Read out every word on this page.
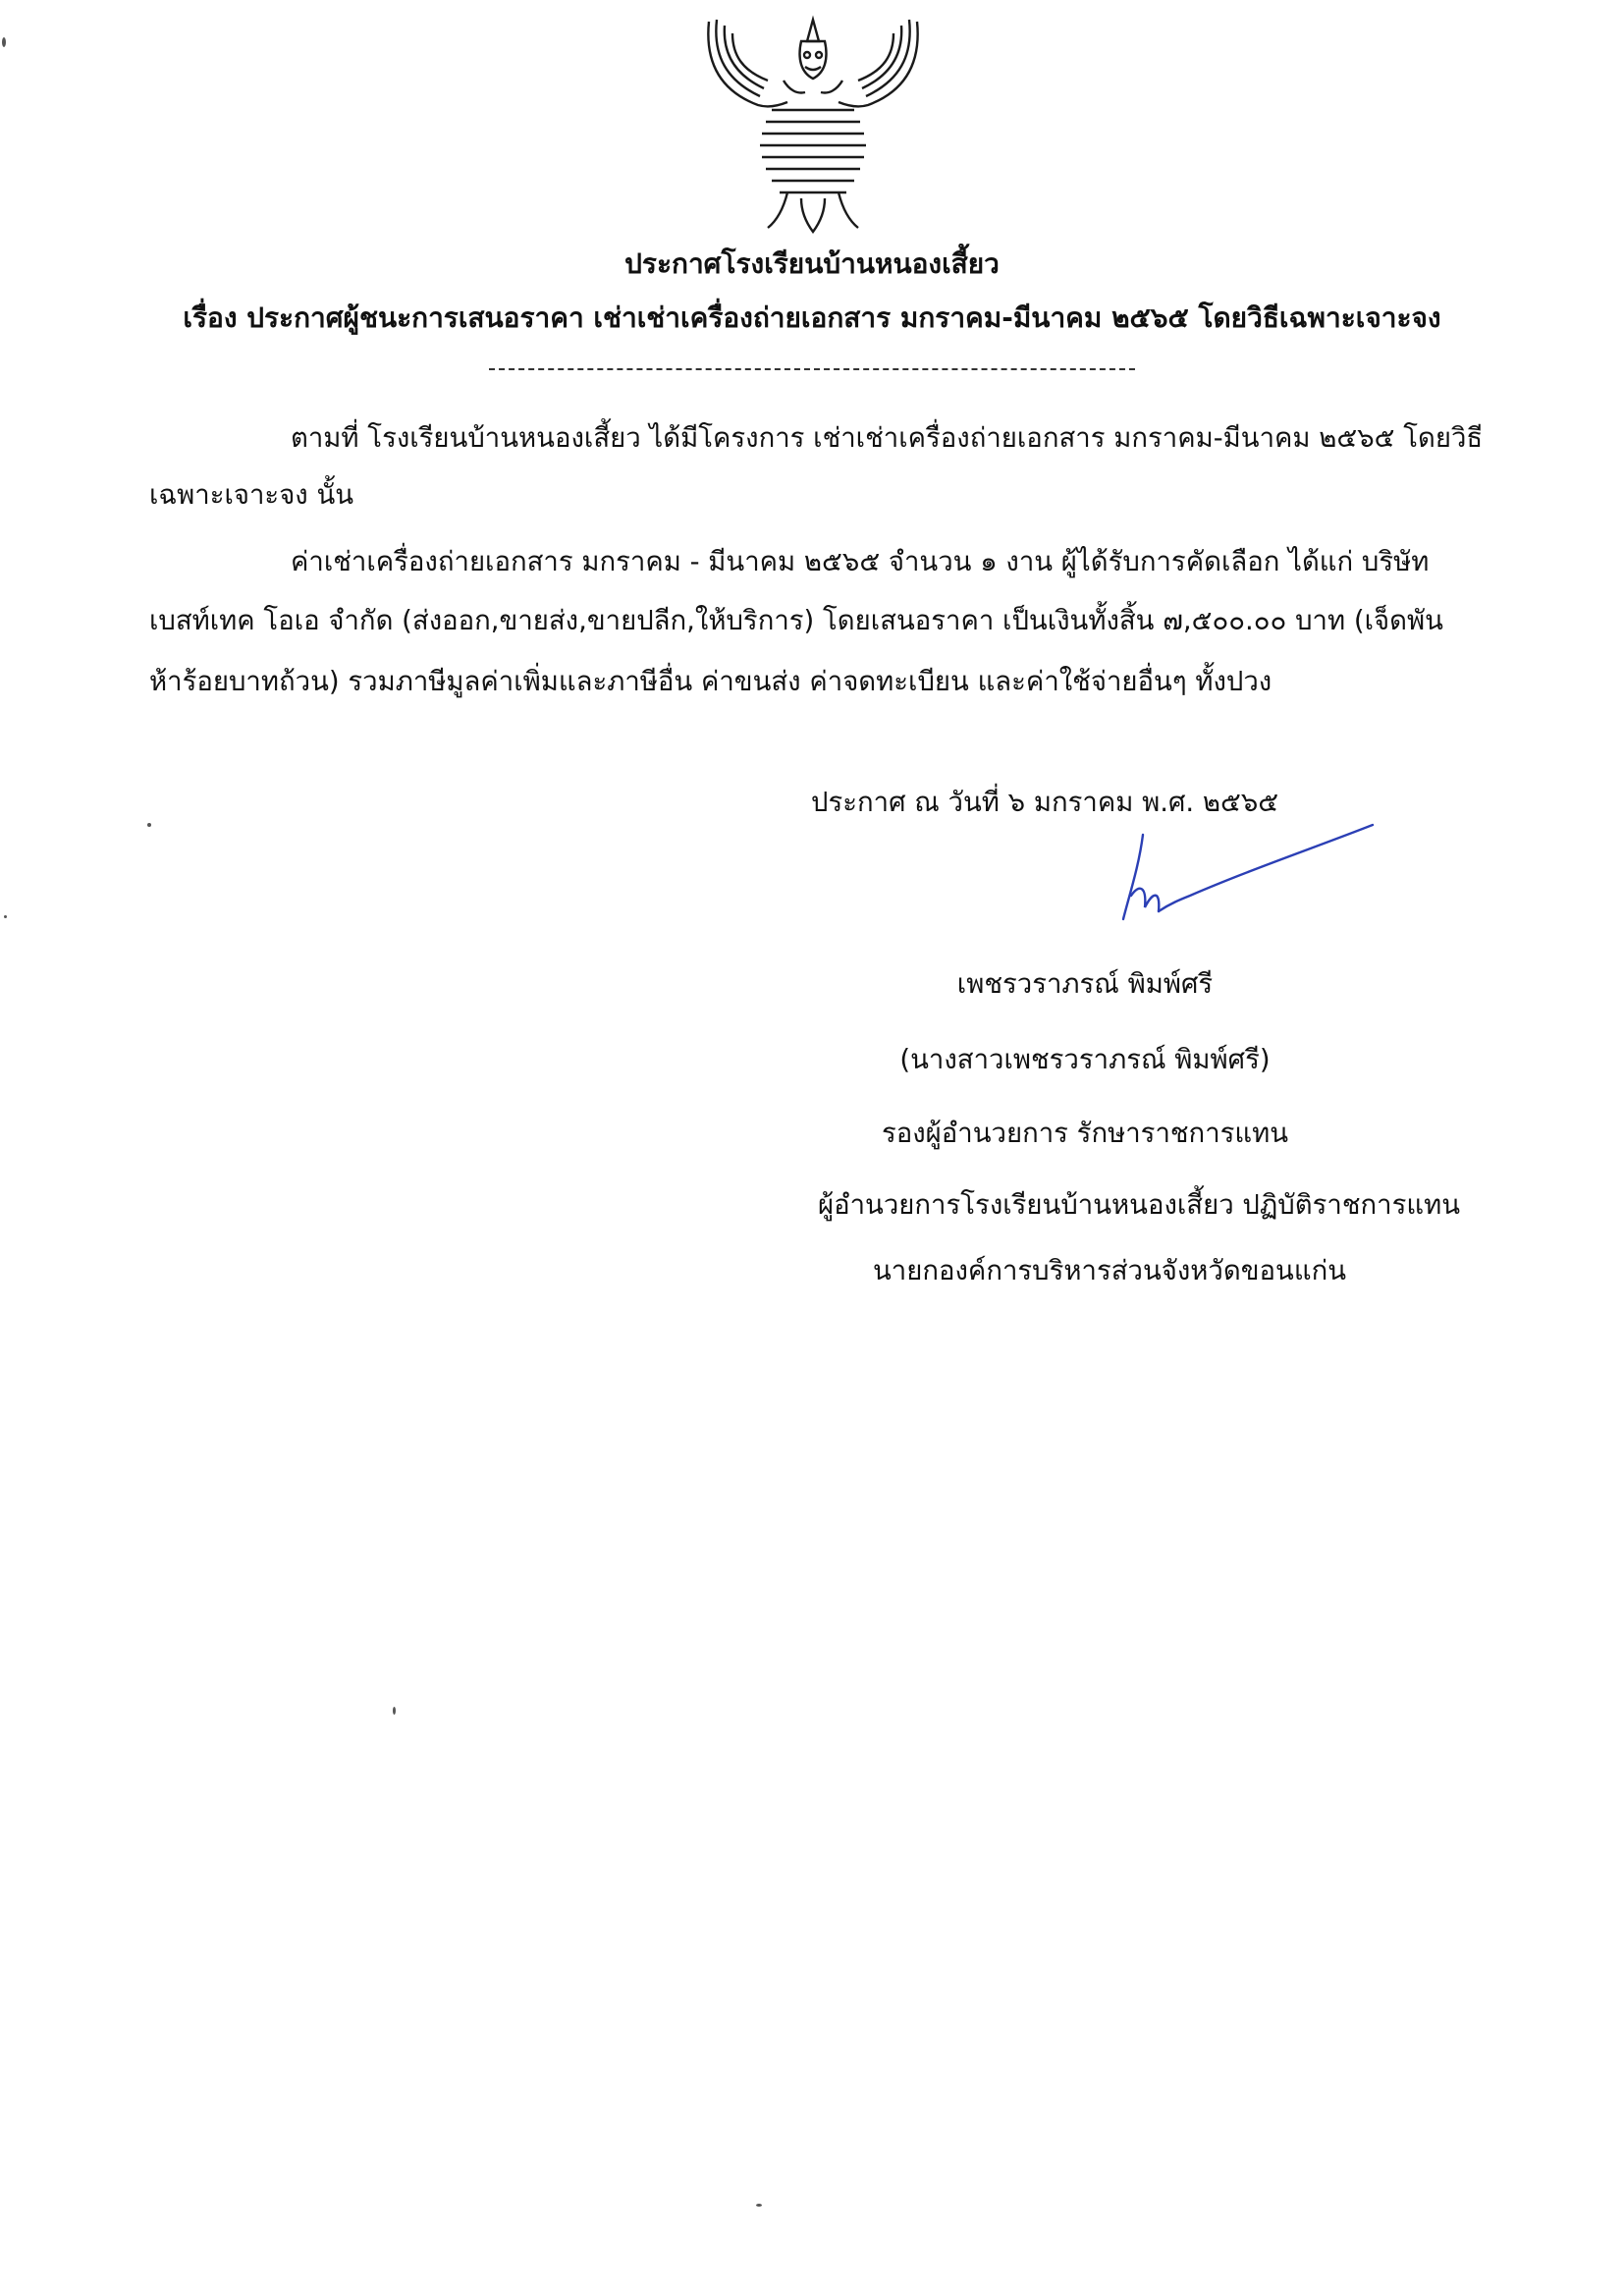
ประกาศโรงเรียนบ้านหนองเสี้ยว
เรื่อง ประกาศผู้ชนะการเสนอราคา เช่าเช่าเครื่องถ่ายเอกสาร มกราคม-มีนาคม ๒๕๖๕ โดยวิธีเฉพาะเจาะจง
ตามที่ โรงเรียนบ้านหนองเสี้ยว ได้มีโครงการ เช่าเช่าเครื่องถ่ายเอกสาร มกราคม-มีนาคม ๒๕๖๕ โดยวิธี
เฉพาะเจาะจง นั้น
ค่าเช่าเครื่องถ่ายเอกสาร มกราคม - มีนาคม ๒๕๖๕ จำนวน ๑ งาน ผู้ได้รับการคัดเลือก ได้แก่ บริษัท
เบสท์เทค โอเอ จำกัด (ส่งออก,ขายส่ง,ขายปลีก,ให้บริการ) โดยเสนอราคา เป็นเงินทั้งสิ้น ๗,๕๐๐.๐๐ บาท (เจ็ดพัน
ห้าร้อยบาทถ้วน) รวมภาษีมูลค่าเพิ่มและภาษีอื่น ค่าขนส่ง ค่าจดทะเบียน และค่าใช้จ่ายอื่นๆ ทั้งปวง
ประกาศ ณ วันที่ ๖ มกราคม พ.ศ. ๒๕๖๕
เพชรวราภรณ์ พิมพ์ศรี
(นางสาวเพชรวราภรณ์ พิมพ์ศรี)
รองผู้อำนวยการ รักษาราชการแทน
ผู้อำนวยการโรงเรียนบ้านหนองเสี้ยว ปฏิบัติราชการแทน
นายกองค์การบริหารส่วนจังหวัดขอนแก่น
